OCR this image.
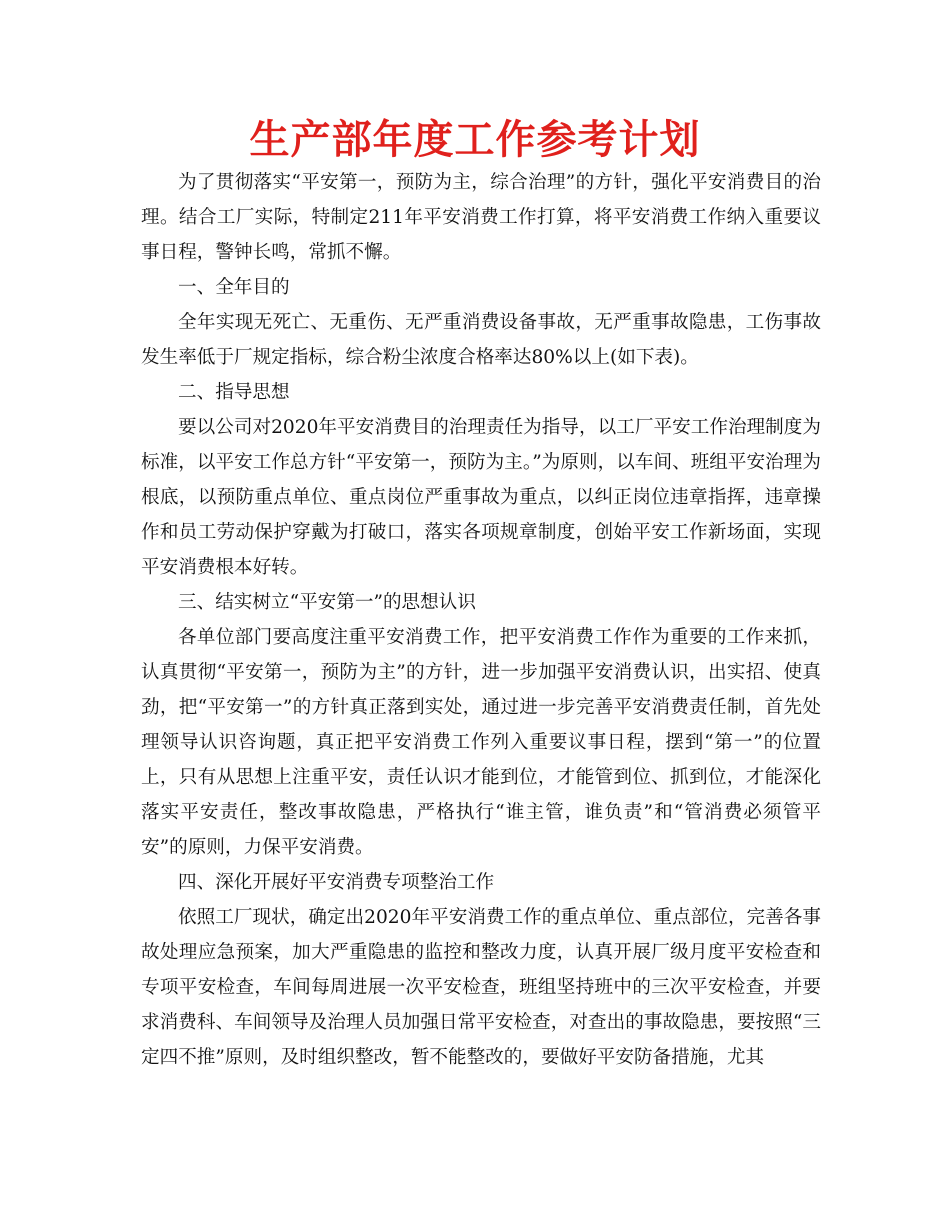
生产部年度工作参考计划

为了贯彻落实“平安第一，预防为主，综合治理”的方针，强化平安消费目的治理。结合工厂实际，特制定211年平安消费工作打算，将平安消费工作纳入重要议事日程，警钟长鸣，常抓不懈。

一、全年目的

全年实现无死亡、无重伤、无严重消费设备事故，无严重事故隐患，工伤事故发生率低于厂规定指标，综合粉尘浓度合格率达80%以上(如下表)。

二、指导思想

要以公司对2020年平安消费目的治理责任为指导，以工厂平安工作治理制度为标准，以平安工作总方针“平安第一，预防为主。”为原则，以车间、班组平安治理为根底，以预防重点单位、重点岗位严重事故为重点，以纠正岗位违章指挥，违章操作和员工劳动保护穿戴为打破口，落实各项规章制度，创始平安工作新场面，实现平安消费根本好转。

三、结实树立“平安第一”的思想认识

各单位部门要高度注重平安消费工作，把平安消费工作作为重要的工作来抓，认真贯彻“平安第一，预防为主”的方针，进一步加强平安消费认识，出实招、使真劲，把“平安第一”的方针真正落到实处，通过进一步完善平安消费责任制，首先处理领导认识咨询题，真正把平安消费工作列入重要议事日程，摆到“第一”的位置上，只有从思想上注重平安，责任认识才能到位，才能管到位、抓到位，才能深化落实平安责任，整改事故隐患，严格执行“谁主管，谁负责”和“管消费必须管平安”的原则，力保平安消费。

四、深化开展好平安消费专项整治工作

依照工厂现状，确定出2020年平安消费工作的重点单位、重点部位，完善各事故处理应急预案，加大严重隐患的监控和整改力度，认真开展厂级月度平安检查和专项平安检查，车间每周进展一次平安检查，班组坚持班中的三次平安检查，并要求消费科、车间领导及治理人员加强日常平安检查，对查出的事故隐患，要按照“三定四不推”原则，及时组织整改，暂不能整改的，要做好平安防备措施，尤其
